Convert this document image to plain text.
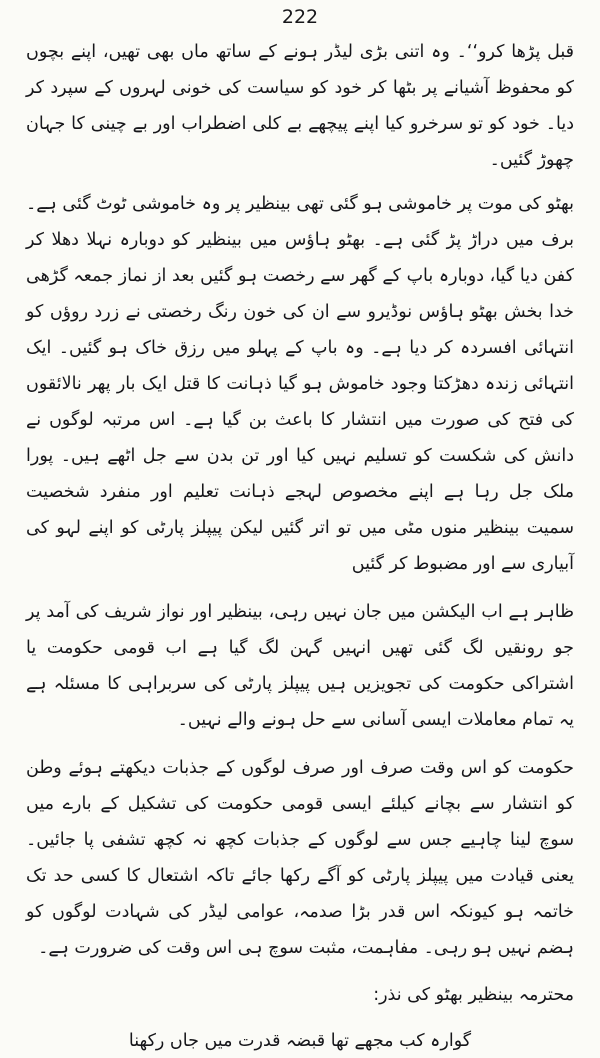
222

قبل پڑھا کرو‘‘۔ وہ اتنی بڑی لیڈر ہونے کے ساتھ ماں بھی تھیں، اپنے بچوں کو محفوظ آشیانے پر بٹھا کر خود کو سیاست کی خونی لہروں کے سپرد کر دیا۔ خود کو تو سرخرو کیا اپنے پیچھے بے کلی اضطراب اور بے چینی کا جہان چھوڑ گئیں۔

بھٹو کی موت پر خاموشی ہو گئی تھی بینظیر پر وہ خاموشی ٹوٹ گئی ہے۔ برف میں دراڑ پڑ گئی ہے۔ بھٹو ہاؤس میں بینظیر کو دوبارہ نہلا دھلا کر کفن دیا گیا، دوبارہ باپ کے گھر سے رخصت ہو گئیں بعد از نماز جمعہ گڑھی خدا بخش بھٹو ہاؤس نوڈیرو سے ان کی خون رنگ رخصتی نے زرد روؤں کو انتہائی افسردہ کر دیا ہے۔ وہ باپ کے پہلو میں رزق خاک ہو گئیں۔ ایک انتہائی زندہ دھڑکتا وجود خاموش ہو گیا ذہانت کا قتل ایک بار پھر نالائقوں کی فتح کی صورت میں انتشار کا باعث بن گیا ہے۔ اس مرتبہ لوگوں نے دانش کی شکست کو تسلیم نہیں کیا اور تن بدن سے جل اٹھے ہیں۔ پورا ملک جل رہا ہے اپنے مخصوص لہجے ذہانت تعلیم اور منفرد شخصیت سمیت بینظیر منوں مٹی میں تو اتر گئیں لیکن پیپلز پارٹی کو اپنے لہو کی آبیاری سے اور مضبوط کر گئیں

ظاہر ہے اب الیکشن میں جان نہیں رہی، بینظیر اور نواز شریف کی آمد پر جو رونقیں لگ گئی تھیں انہیں گہن لگ گیا ہے اب قومی حکومت یا اشتراکی حکومت کی تجویزیں ہیں پیپلز پارٹی کی سربراہی کا مسئلہ ہے یہ تمام معاملات ایسی آسانی سے حل ہونے والے نہیں۔

حکومت کو اس وقت صرف اور صرف لوگوں کے جذبات دیکھتے ہوئے وطن کو انتشار سے بچانے کیلئے ایسی قومی حکومت کی تشکیل کے بارے میں سوچ لینا چاہیے جس سے لوگوں کے جذبات کچھ نہ کچھ تشفی پا جائیں۔ یعنی قیادت میں پیپلز پارٹی کو آگے رکھا جائے تاکہ اشتعال کا کسی حد تک خاتمہ ہو کیونکہ اس قدر بڑا صدمہ، عوامی لیڈر کی شہادت لوگوں کو ہضم نہیں ہو رہی۔ مفاہمت، مثبت سوچ ہی اس وقت کی ضرورت ہے۔

محترمہ بینظیر بھٹو کی نذر:

گوارہ کب مجھے تھا قبضہ قدرت میں جاں رکھنا
